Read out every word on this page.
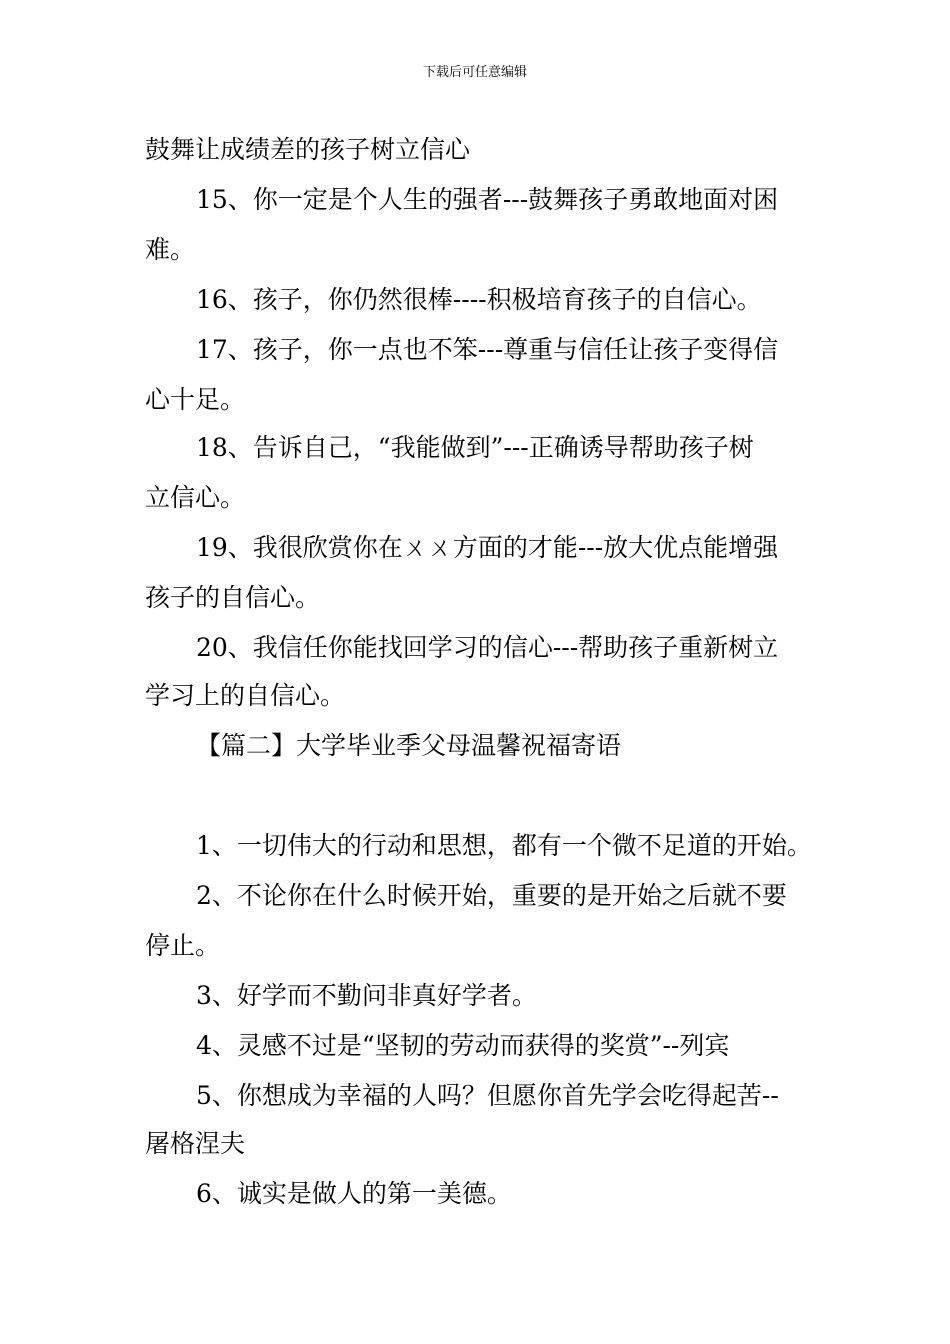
下载后可任意编辑
鼓舞让成绩差的孩子树立信心
15、你一定是个人生的强者---鼓舞孩子勇敢地面对困
难。
16、孩子，你仍然很棒----积极培育孩子的自信心。
17、孩子，你一点也不笨---尊重与信任让孩子变得信
心十足。
18、告诉自己，“我能做到”---正确诱导帮助孩子树
立信心。
19、我很欣赏你在ㄨㄨ方面的才能---放大优点能增强
孩子的自信心。
20、我信任你能找回学习的信心---帮助孩子重新树立
学习上的自信心。
【篇二】大学毕业季父母温馨祝福寄语
1、一切伟大的行动和思想，都有一个微不足道的开始。
2、不论你在什么时候开始，重要的是开始之后就不要
停止。
3、好学而不勤问非真好学者。
4、灵感不过是“坚韧的劳动而获得的奖赏”--列宾
5、你想成为幸福的人吗？但愿你首先学会吃得起苦--
屠格涅夫
6、诚实是做人的第一美德。
